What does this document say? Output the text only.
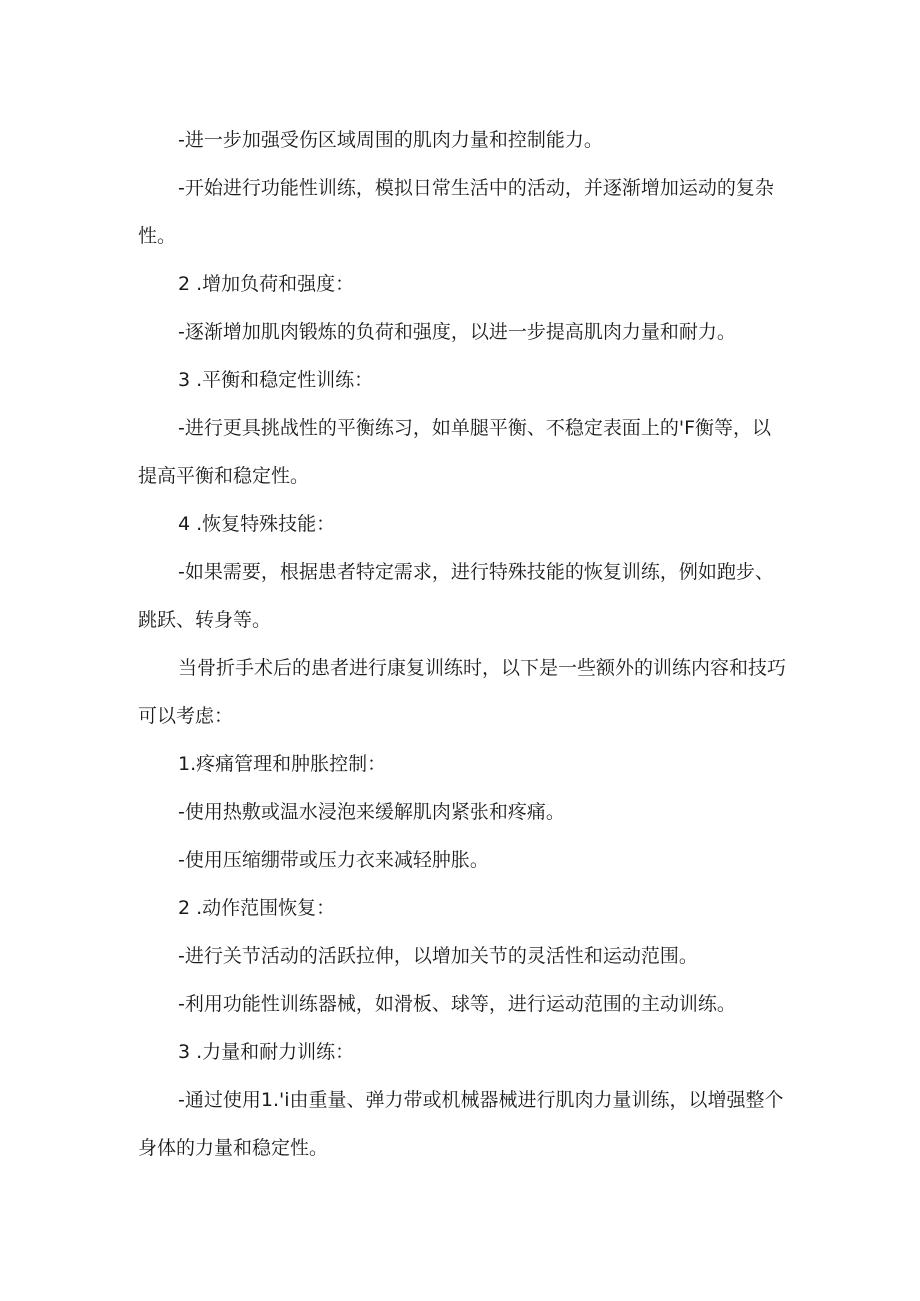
-进一步加强受伤区域周围的肌肉力量和控制能力。

-开始进行功能性训练，模拟日常生活中的活动，并逐渐增加运动的复杂性。

2 .增加负荷和强度：

-逐渐增加肌肉锻炼的负荷和强度，以进一步提高肌肉力量和耐力。

3 .平衡和稳定性训练：

-进行更具挑战性的平衡练习，如单腿平衡、不稳定表面上的'F衡等，以提高平衡和稳定性。

4 .恢复特殊技能：

-如果需要，根据患者特定需求，进行特殊技能的恢复训练，例如跑步、跳跃、转身等。

当骨折手术后的患者进行康复训练时，以下是一些额外的训练内容和技巧可以考虑：

1.疼痛管理和肿胀控制：

-使用热敷或温水浸泡来缓解肌肉紧张和疼痛。

-使用压缩绷带或压力衣来减轻肿胀。

2 .动作范围恢复：

-进行关节活动的活跃拉伸，以增加关节的灵活性和运动范围。

-利用功能性训练器械，如滑板、球等，进行运动范围的主动训练。

3 .力量和耐力训练：

-通过使用1.'i由重量、弹力带或机械器械进行肌肉力量训练，以增强整个身体的力量和稳定性。
